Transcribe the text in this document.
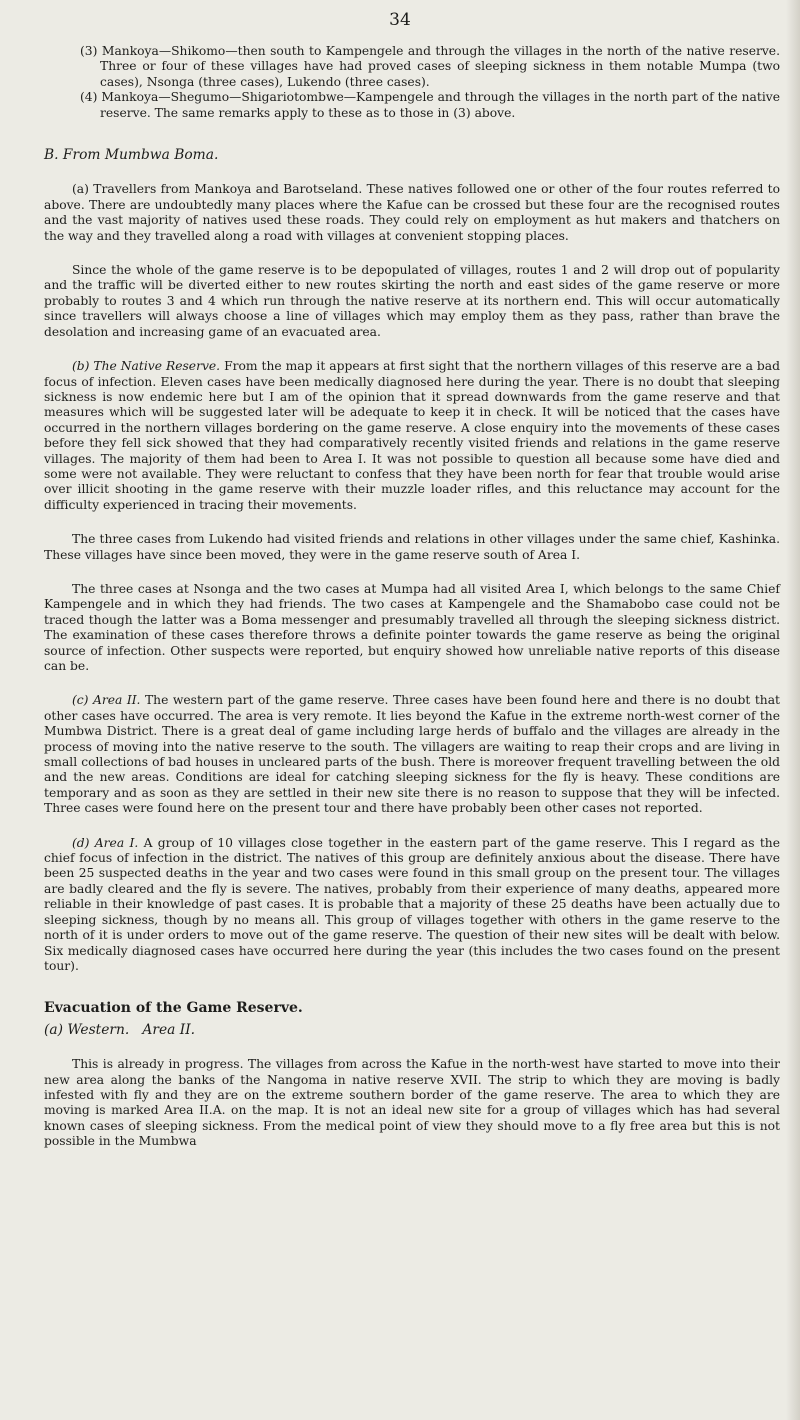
34

(3) Mankoya—Shikomo—then south to Kampengele and through the villages in the north of the native reserve. Three or four of these villages have had proved cases of sleeping sickness in them notable Mumpa (two cases), Nsonga (three cases), Lukendo (three cases).

(4) Mankoya—Shegumo—Shigariotombwe—Kampengele and through the villages in the north part of the native reserve. The same remarks apply to these as to those in (3) above.

B. From Mumbwa Boma.

(a) Travellers from Mankoya and Barotseland. These natives followed one or other of the four routes referred to above. There are undoubtedly many places where the Kafue can be crossed but these four are the recognised routes and the vast majority of natives used these roads. They could rely on employment as hut makers and thatchers on the way and they travelled along a road with villages at convenient stopping places.

Since the whole of the game reserve is to be depopulated of villages, routes 1 and 2 will drop out of popularity and the traffic will be diverted either to new routes skirting the north and east sides of the game reserve or more probably to routes 3 and 4 which run through the native reserve at its northern end. This will occur automatically since travellers will always choose a line of villages which may employ them as they pass, rather than brave the desolation and increasing game of an evacuated area.

(b) The Native Reserve. From the map it appears at first sight that the northern villages of this reserve are a bad focus of infection. Eleven cases have been medically diagnosed here during the year. There is no doubt that sleeping sickness is now endemic here but I am of the opinion that it spread downwards from the game reserve and that measures which will be suggested later will be adequate to keep it in check. It will be noticed that the cases have occurred in the northern villages bordering on the game reserve. A close enquiry into the movements of these cases before they fell sick showed that they had comparatively recently visited friends and relations in the game reserve villages. The majority of them had been to Area I. It was not possible to question all because some have died and some were not available. They were reluctant to confess that they have been north for fear that trouble would arise over illicit shooting in the game reserve with their muzzle loader rifles, and this reluctance may account for the difficulty experienced in tracing their movements.

The three cases from Lukendo had visited friends and relations in other villages under the same chief, Kashinka. These villages have since been moved, they were in the game reserve south of Area I.

The three cases at Nsonga and the two cases at Mumpa had all visited Area I, which belongs to the same Chief Kampengele and in which they had friends. The two cases at Kampengele and the Shamabobo case could not be traced though the latter was a Boma messenger and presumably travelled all through the sleeping sickness district. The examination of these cases therefore throws a definite pointer towards the game reserve as being the original source of infection. Other suspects were reported, but enquiry showed how unreliable native reports of this disease can be.

(c) Area II. The western part of the game reserve. Three cases have been found here and there is no doubt that other cases have occurred. The area is very remote. It lies beyond the Kafue in the extreme north-west corner of the Mumbwa District. There is a great deal of game including large herds of buffalo and the villages are already in the process of moving into the native reserve to the south. The villagers are waiting to reap their crops and are living in small collections of bad houses in uncleared parts of the bush. There is moreover frequent travelling between the old and the new areas. Conditions are ideal for catching sleeping sickness for the fly is heavy. These conditions are temporary and as soon as they are settled in their new site there is no reason to suppose that they will be infected. Three cases were found here on the present tour and there have probably been other cases not reported.

(d) Area I. A group of 10 villages close together in the eastern part of the game reserve. This I regard as the chief focus of infection in the district. The natives of this group are definitely anxious about the disease. There have been 25 suspected deaths in the year and two cases were found in this small group on the present tour. The villages are badly cleared and the fly is severe. The natives, probably from their experience of many deaths, appeared more reliable in their knowledge of past cases. It is probable that a majority of these 25 deaths have been actually due to sleeping sickness, though by no means all. This group of villages together with others in the game reserve to the north of it is under orders to move out of the game reserve. The question of their new sites will be dealt with below. Six medically diagnosed cases have occurred here during the year (this includes the two cases found on the present tour).

Evacuation of the Game Reserve.

(a) Western.   Area II.

This is already in progress. The villages from across the Kafue in the north-west have started to move into their new area along the banks of the Nangoma in native reserve XVII. The strip to which they are moving is badly infested with fly and they are on the extreme southern border of the game reserve. The area to which they are moving is marked Area II.A. on the map. It is not an ideal new site for a group of villages which has had several known cases of sleeping sickness. From the medical point of view they should move to a fly free area but this is not possible in the Mumbwa
